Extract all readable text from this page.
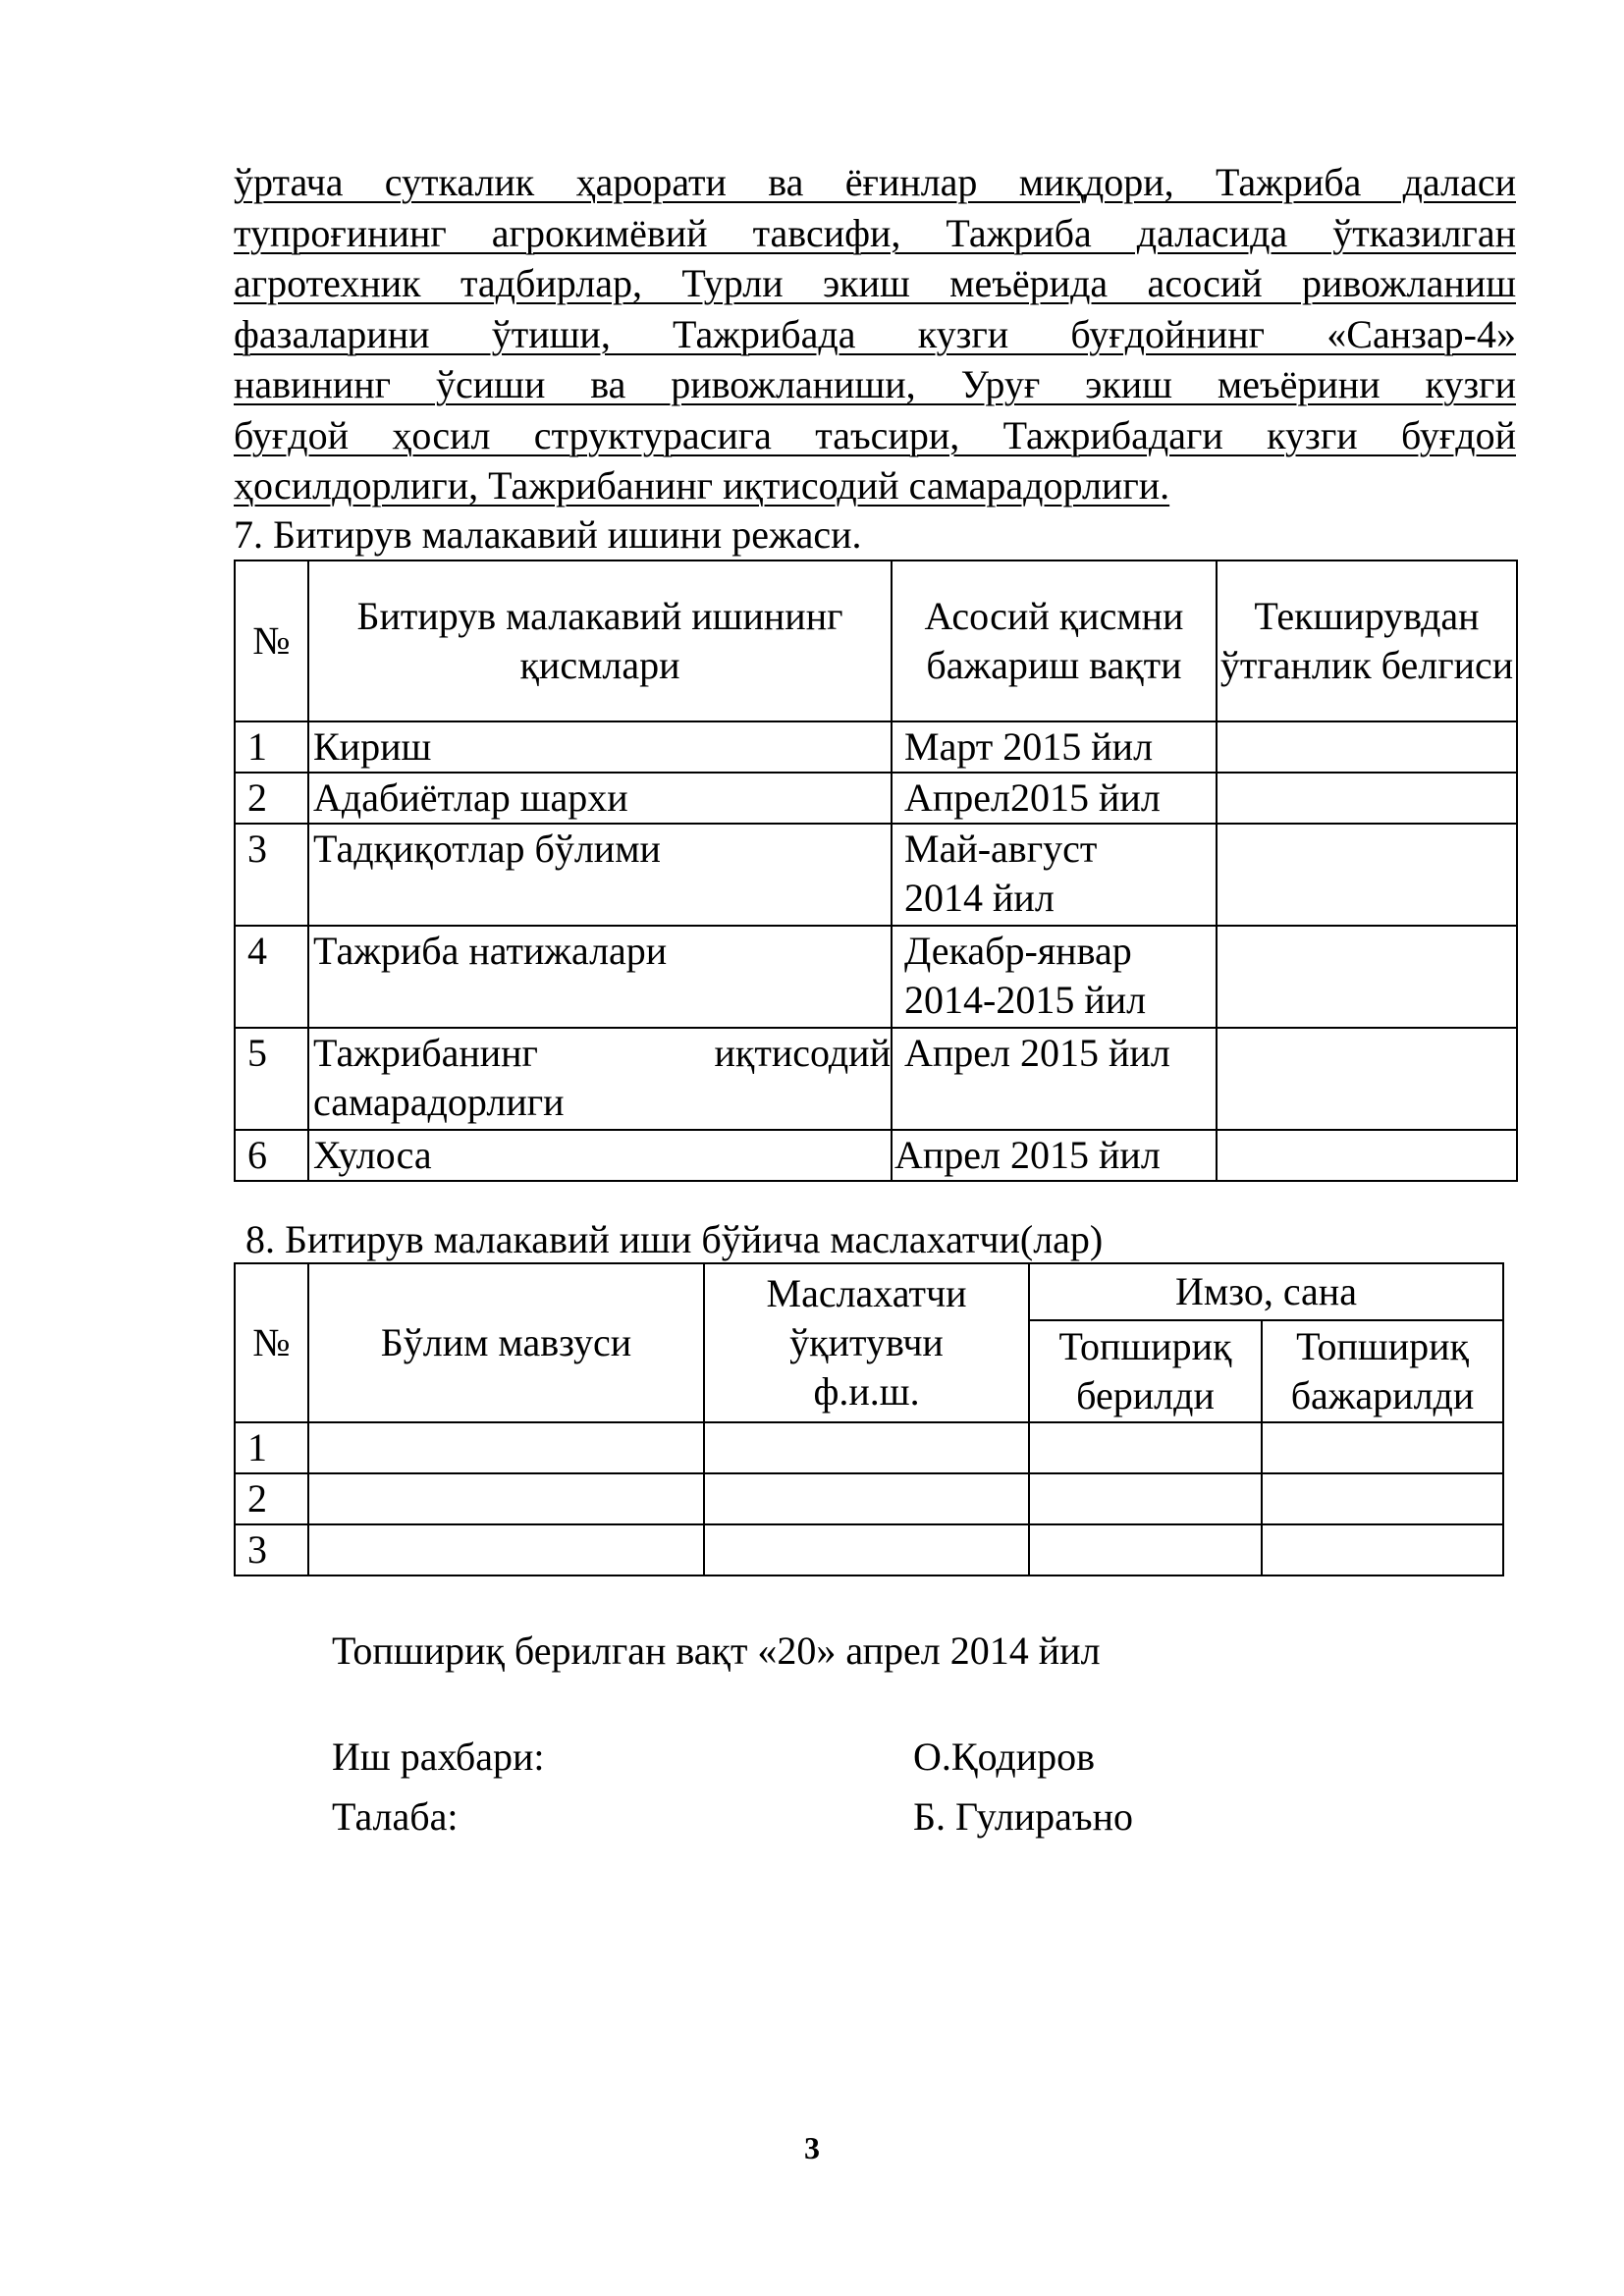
ўртача суткалик ҳарорати ва ёғинлар миқдори, Тажриба даласи
тупроғининг агрокимёвий тавсифи, Тажриба даласида ўтказилган
агротехник тадбирлар, Турли экиш меъёрида асосий ривожланиш
фазаларини ўтиши, Тажрибада кузги буғдойнинг «Санзар-4»
навининг ўсиши ва ривожланиши, Уруғ экиш меъёрини кузги
буғдой ҳосил структурасига таъсири, Тажрибадаги кузги буғдой
ҳосилдорлиги, Тажрибанинг иқтисодий самарадорлиги.
7. Битирув малакавий ишини режаси.
№	Битирув малакавий ишининг қисмлари	Асосий қисмни бажариш вақти	Текширувдан ўтганлик белгиси
1	Кириш	Март 2015 йил	
2	Адабиётлар шархи	Апрел2015 йил	
3	Тадқиқотлар бўлими	Май-август 2014 йил	
4	Тажриба натижалари	Декабр-январ 2014-2015 йил	
5	Тажрибанинг иқтисодий самарадорлиги	Апрел 2015 йил	
6	Хулоса	Апрел 2015 йил	
8. Битирув малакавий иши бўйича маслахатчи(лар)
№	Бўлим мавзуси	Маслахатчи ўқитувчи ф.и.ш.	Имзо, сана	
			Топшириқ берилди	Топшириқ бажарилди
1				
2				
3				
Топшириқ берилган вақт «20» апрел 2014 йил
Иш рахбари:	О.Қодиров
Талаба:	Б. Гулираъно
3
